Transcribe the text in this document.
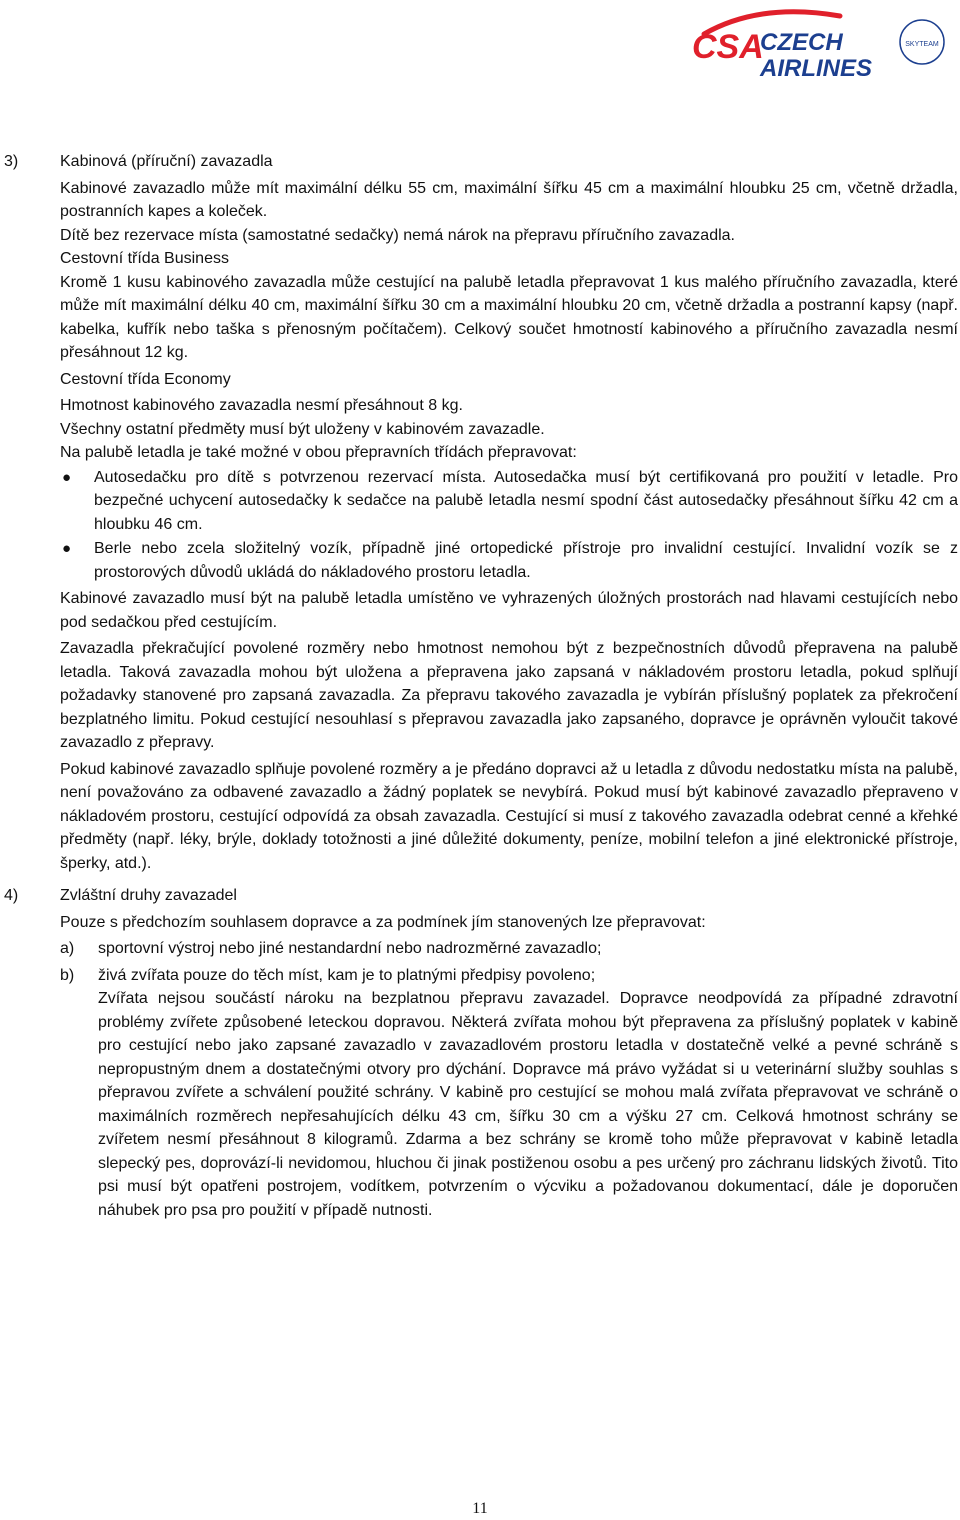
CSA
CZECH
AIRLINES
SKYTEAM
3)	Kabinová (příruční) zavazadla
Kabinové zavazadlo může mít maximální délku 55 cm, maximální šířku 45 cm a maximální hloubku 25 cm, včetně držadla, postranních kapes a koleček.
Dítě bez rezervace místa (samostatné sedačky) nemá nárok na přepravu příručního zavazadla.
Cestovní třída Business
Kromě 1 kusu kabinového zavazadla může cestující na palubě letadla přepravovat 1 kus malého příručního zavazadla, které může mít maximální délku 40 cm, maximální šířku 30 cm a maximální hloubku 20 cm, včetně držadla a postranní kapsy (např. kabelka, kufřík nebo taška s přenosným počítačem). Celkový součet hmotností kabinového a příručního zavazadla nesmí přesáhnout 12 kg.
Cestovní třída Economy
Hmotnost kabinového zavazadla nesmí přesáhnout 8 kg.
Všechny ostatní předměty musí být uloženy v kabinovém zavazadle.
Na palubě letadla je také možné v obou přepravních třídách přepravovat:
●	Autosedačku pro dítě s potvrzenou rezervací místa. Autosedačka musí být certifikovaná pro použití v letadle. Pro bezpečné uchycení autosedačky k sedačce na palubě letadla nesmí spodní část autosedačky přesáhnout šířku 42 cm a hloubku 46 cm.
●	Berle nebo zcela složitelný vozík, případně jiné ortopedické přístroje pro invalidní cestující. Invalidní vozík se z prostorových důvodů ukládá do nákladového prostoru letadla.
Kabinové zavazadlo musí být na palubě letadla umístěno ve vyhrazených úložných prostorách nad hlavami cestujících nebo pod sedačkou před cestujícím.
Zavazadla překračující povolené rozměry nebo hmotnost nemohou být z bezpečnostních důvodů přepravena na palubě letadla. Taková zavazadla mohou být uložena a přepravena jako zapsaná v nákladovém prostoru letadla, pokud splňují požadavky stanovené pro zapsaná zavazadla. Za přepravu takového zavazadla je vybírán příslušný poplatek za překročení bezplatného limitu. Pokud cestující nesouhlasí s přepravou zavazadla jako zapsaného, dopravce je oprávněn vyloučit takové zavazadlo z přepravy.
Pokud kabinové zavazadlo splňuje povolené rozměry a je předáno dopravci až u letadla z důvodu nedostatku místa na palubě, není považováno za odbavené zavazadlo a žádný poplatek se nevybírá. Pokud musí být kabinové zavazadlo přepraveno v nákladovém prostoru, cestující odpovídá za obsah zavazadla. Cestující si musí z takového zavazadla odebrat cenné a křehké předměty (např. léky, brýle, doklady totožnosti a jiné důležité dokumenty, peníze, mobilní telefon a jiné elektronické přístroje, šperky, atd.).
4)	Zvláštní druhy zavazadel
Pouze s předchozím souhlasem dopravce a za podmínek jím stanovených lze přepravovat:
a)	sportovní výstroj nebo jiné nestandardní nebo nadrozměrné zavazadlo;
b)	živá zvířata pouze do těch míst, kam je to platnými předpisy povoleno;
Zvířata nejsou součástí nároku na bezplatnou přepravu zavazadel. Dopravce neodpovídá za případné zdravotní problémy zvířete způsobené leteckou dopravou. Některá zvířata mohou být přepravena za příslušný poplatek v kabině pro cestující nebo jako zapsané zavazadlo v zavazadlovém prostoru letadla v dostatečně velké a pevné schráně s nepropustným dnem a dostatečnými otvory pro dýchání. Dopravce má právo vyžádat si u veterinární služby souhlas s přepravou zvířete a schválení použité schrány. V kabině pro cestující se mohou malá zvířata přepravovat ve schráně o maximálních rozměrech nepřesahujících délku 43 cm, šířku 30 cm a výšku 27 cm. Celková hmotnost schrány se zvířetem nesmí přesáhnout 8 kilogramů. Zdarma a bez schrány se kromě toho může přepravovat v kabině letadla slepecký pes, doprovází-li nevidomou, hluchou či jinak postiženou osobu a pes určený pro záchranu lidských životů. Tito psi musí být opatřeni postrojem, vodítkem, potvrzením o výcviku a požadovanou dokumentací, dále je doporučen náhubek pro psa pro použití v případě nutnosti.
11
